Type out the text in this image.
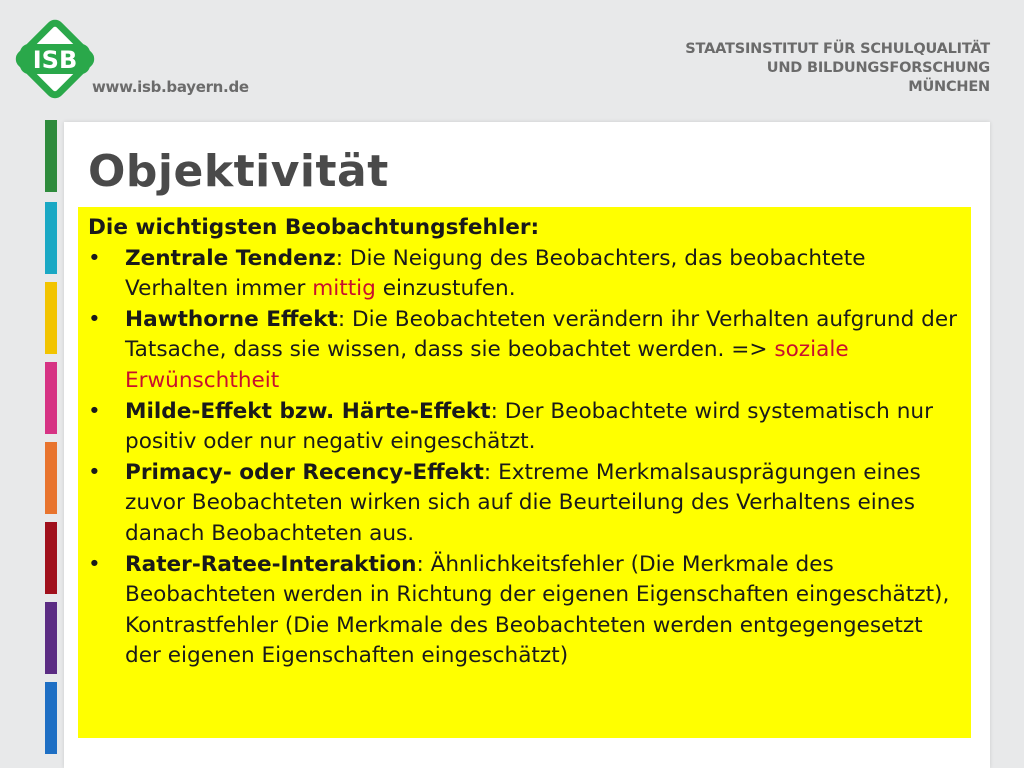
ISB
www.isb.bayern.de
STAATSINSTITUT FÜR SCHULQUALITÄT
UND BILDUNGSFORSCHUNG
MÜNCHEN
Objektivität
Die wichtigsten Beobachtungsfehler:
• Zentrale Tendenz: Die Neigung des Beobachters, das beobachtete Verhalten immer mittig einzustufen.
• Hawthorne Effekt: Die Beobachteten verändern ihr Verhalten aufgrund der Tatsache, dass sie wissen, dass sie beobachtet werden. => soziale Erwünschtheit
• Milde-Effekt bzw. Härte-Effekt: Der Beobachtete wird systematisch nur positiv oder nur negativ eingeschätzt.
• Primacy- oder Recency-Effekt: Extreme Merkmalsausprägungen eines zuvor Beobachteten wirken sich auf die Beurteilung des Verhaltens eines danach Beobachteten aus.
• Rater-Ratee-Interaktion: Ähnlichkeitsfehler (Die Merkmale des Beobachteten werden in Richtung der eigenen Eigenschaften eingeschätzt), Kontrastfehler (Die Merkmale des Beobachteten werden entgegengesetzt der eigenen Eigenschaften eingeschätzt)
